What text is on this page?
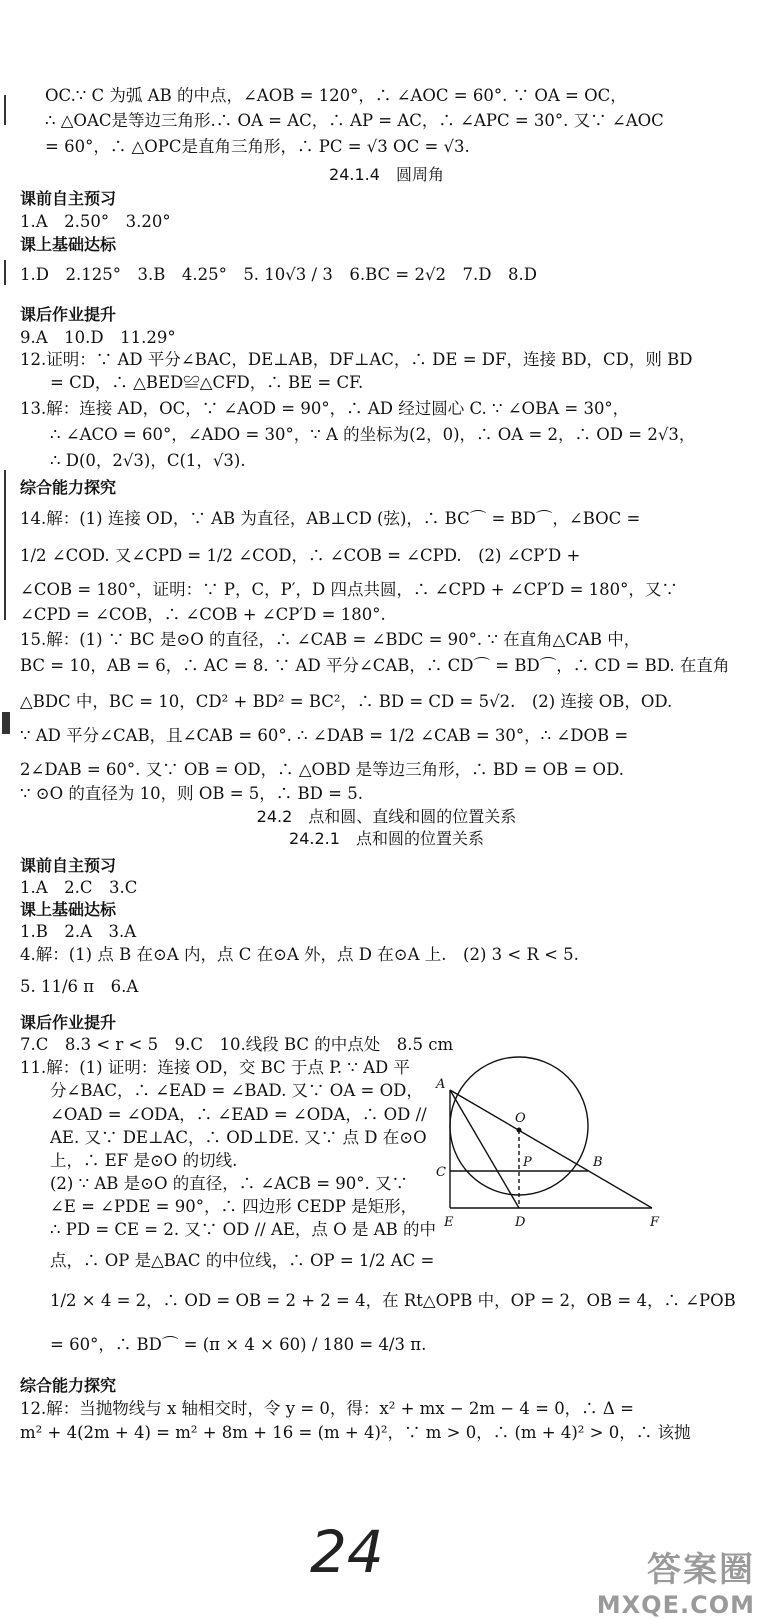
OC.∵ C 为弧 AB 的中点，∠AOB = 120°，∴ ∠AOC = 60°. ∵ OA = OC，
∴ △OAC是等边三角形.∴ OA = AC，∴ AP = AC，∴ ∠APC = 30°. 又∵ ∠AOC
= 60°，∴ △OPC是直角三角形，∴ PC = √3 OC = √3.
24.1.4　圆周角
课前自主预习
1.A　2.50°　3.20°
课上基础达标
1.D　2.125°　3.B　4.25°　5. 10√3 / 3　6.BC = 2√2　7.D　8.D
课后作业提升
9.A　10.D　11.29°
12.证明：∵ AD 平分∠BAC，DE⊥AB，DF⊥AC，∴ DE = DF，连接 BD，CD，则 BD
= CD，∴ △BED≌△CFD，∴ BE = CF.
13.解：连接 AD，OC，∵ ∠AOD = 90°，∴ AD 经过圆心 C. ∵ ∠OBA = 30°，
∴ ∠ACO = 60°，∠ADO = 30°，∵ A 的坐标为(2，0)，∴ OA = 2，∴ OD = 2√3，
∴ D(0，2√3)，C(1，√3).
综合能力探究
14.解：(1) 连接 OD，∵ AB 为直径，AB⊥CD (弦)，∴ BC⌒ = BD⌒，∠BOC =
1/2 ∠COD. 又∠CPD = 1/2 ∠COD，∴ ∠COB = ∠CPD.　(2) ∠CP′D +
∠COB = 180°，证明：∵ P，C，P′，D 四点共圆，∴ ∠CPD + ∠CP′D = 180°，又∵
∠CPD = ∠COB，∴ ∠COB + ∠CP′D = 180°.
15.解：(1) ∵ BC 是⊙O 的直径，∴ ∠CAB = ∠BDC = 90°. ∵ 在直角△CAB 中，
BC = 10，AB = 6，∴ AC = 8. ∵ AD 平分∠CAB，∴ CD⌒ = BD⌒，∴ CD = BD. 在直角
△BDC 中，BC = 10，CD² + BD² = BC²，∴ BD = CD = 5√2.　(2) 连接 OB，OD.
∵ AD 平分∠CAB，且∠CAB = 60°. ∴ ∠DAB = 1/2 ∠CAB = 30°，∴ ∠DOB =
2∠DAB = 60°. 又∵ OB = OD，∴ △OBD 是等边三角形，∴ BD = OB = OD.
∵ ⊙O 的直径为 10，则 OB = 5，∴ BD = 5.
24.2　点和圆、直线和圆的位置关系
24.2.1　点和圆的位置关系
课前自主预习
1.A　2.C　3.C
课上基础达标
1.B　2.A　3.A
4.解：(1) 点 B 在⊙A 内，点 C 在⊙A 外，点 D 在⊙A 上.　(2) 3 < R < 5.
5. 11/6 π　6.A
课后作业提升
7.C　8.3 < r < 5　9.C　10.线段 BC 的中点处　8.5 cm
11.解：(1) 证明：连接 OD，交 BC 于点 P. ∵ AD 平
分∠BAC，∴ ∠EAD = ∠BAD. 又∵ OA = OD，
∠OAD = ∠ODA，∴ ∠EAD = ∠ODA，∴ OD //
AE. 又∵ DE⊥AC，∴ OD⊥DE. 又∵ 点 D 在⊙O
上，∴ EF 是⊙O 的切线.
(2) ∵ AB 是⊙O 的直径，∴ ∠ACB = 90°. 又∵
∠E = ∠PDE = 90°，∴ 四边形 CEDP 是矩形，
∴ PD = CE = 2. 又∵ OD // AE，点 O 是 AB 的中
点，∴ OP 是△BAC 的中位线，∴ OP = 1/2 AC =
1/2 × 4 = 2，∴ OD = OB = 2 + 2 = 4，在 Rt△OPB 中，OP = 2，OB = 4，∴ ∠POB
= 60°，∴ BD⌒ = (π × 4 × 60) / 180 = 4/3 π.
综合能力探究
12.解：当抛物线与 x 轴相交时，令 y = 0，得：x² + mx − 2m − 4 = 0，∴ Δ =
m² + 4(2m + 4) = m² + 8m + 16 = (m + 4)²，∵ m > 0，∴ (m + 4)² > 0，∴ 该抛
A
O
P	B
C
E	D	F
24	答案圈
MXQE.COM
